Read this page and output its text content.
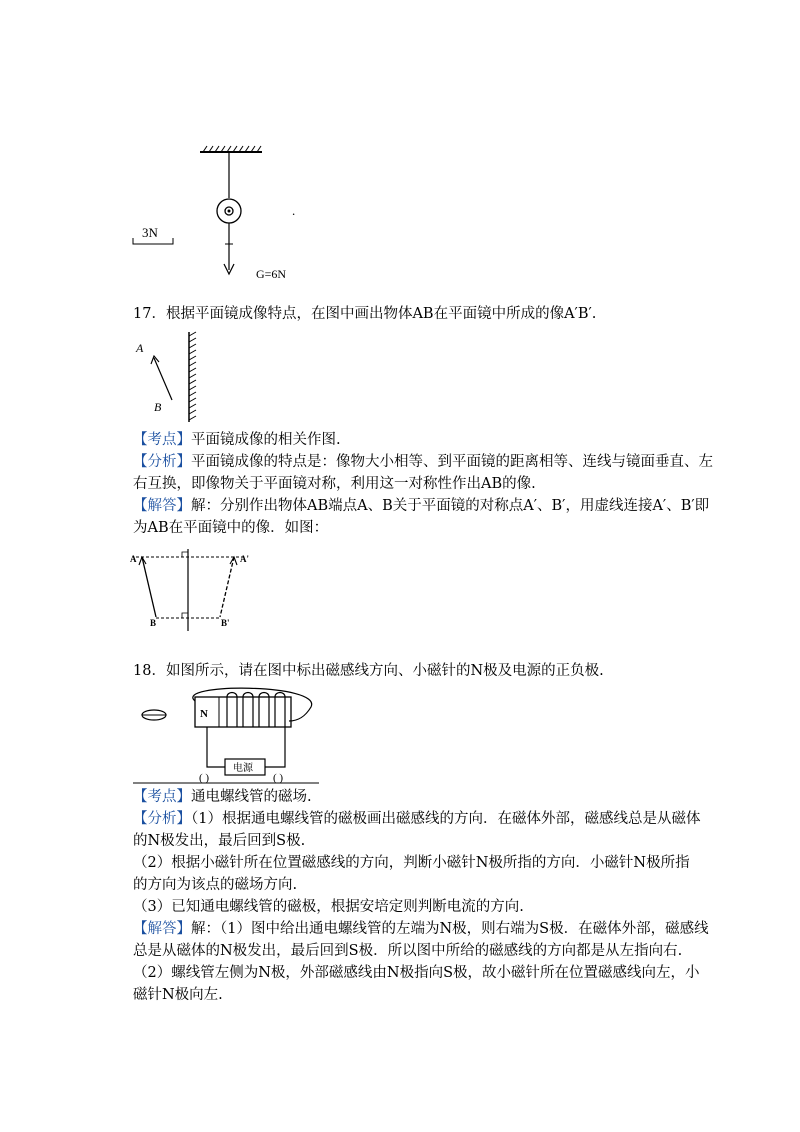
3N
G=6N
.
17．根据平面镜成像特点，在图中画出物体AB在平面镜中所成的像A′B′.
A
B
【考点】平面镜成像的相关作图.
【分析】平面镜成像的特点是：像物大小相等、到平面镜的距离相等、连线与镜面垂直、左
右互换，即像物关于平面镜对称，利用这一对称性作出AB的像.
【解答】解：分别作出物体AB端点A、B关于平面镜的对称点A′、B′，用虚线连接A′、B′即
为AB在平面镜中的像．如图：
A	A'
B	B'
18．如图所示，请在图中标出磁感线方向、小磁针的N极及电源的正负极.
N
电源
( )	( )
【考点】通电螺线管的磁场.
【分析】（1）根据通电螺线管的磁极画出磁感线的方向．在磁体外部，磁感线总是从磁体
的N极发出，最后回到S极.
（2）根据小磁针所在位置磁感线的方向，判断小磁针N极所指的方向．小磁针N极所指
的方向为该点的磁场方向.
（3）已知通电螺线管的磁极，根据安培定则判断电流的方向.
【解答】解：（1）图中给出通电螺线管的左端为N极，则右端为S极．在磁体外部，磁感线
总是从磁体的N极发出，最后回到S极．所以图中所给的磁感线的方向都是从左指向右.
（2）螺线管左侧为N极，外部磁感线由N极指向S极，故小磁针所在位置磁感线向左，小
磁针N极向左.
